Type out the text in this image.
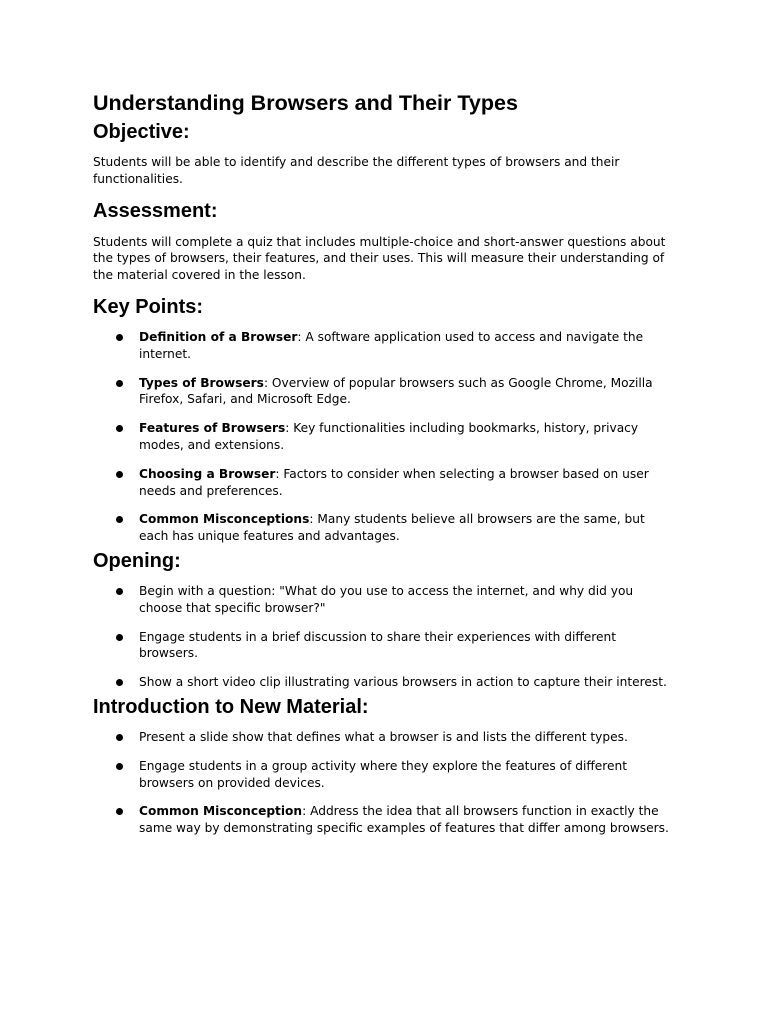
Understanding Browsers and Their Types
Objective:

Students will be able to identify and describe the different types of browsers and their functionalities.

Assessment:

Students will complete a quiz that includes multiple-choice and short-answer questions about the types of browsers, their features, and their uses. This will measure their understanding of the material covered in the lesson.

Key Points:
Definition of a Browser: A software application used to access and navigate the internet.
Types of Browsers: Overview of popular browsers such as Google Chrome, Mozilla Firefox, Safari, and Microsoft Edge.
Features of Browsers: Key functionalities including bookmarks, history, privacy modes, and extensions.
Choosing a Browser: Factors to consider when selecting a browser based on user needs and preferences.
Common Misconceptions: Many students believe all browsers are the same, but each has unique features and advantages.
Opening:
Begin with a question: "What do you use to access the internet, and why did you choose that specific browser?"
Engage students in a brief discussion to share their experiences with different browsers.
Show a short video clip illustrating various browsers in action to capture their interest.
Introduction to New Material:
Present a slide show that defines what a browser is and lists the different types.
Engage students in a group activity where they explore the features of different browsers on provided devices.
Common Misconception: Address the idea that all browsers function in exactly the same way by demonstrating specific examples of features that differ among browsers.
